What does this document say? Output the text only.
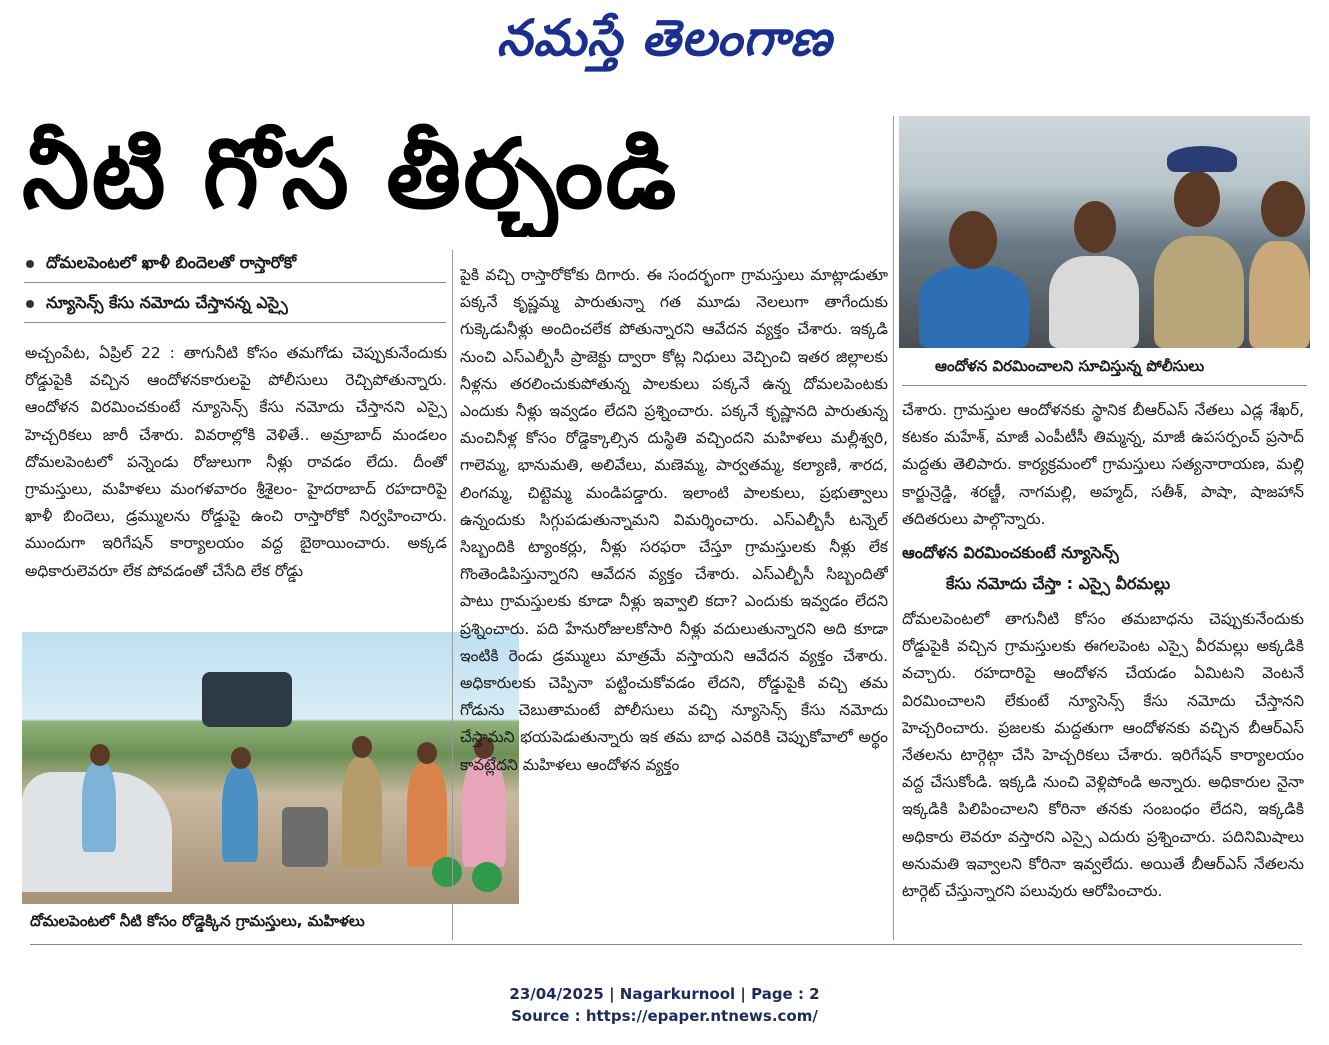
నమస్తే తెలంగాణ
నీటి గోస తీర్చండి
దోమలపెంటలో ఖాళీ బిందెలతో రాస్తారోకో
న్యూసెన్స్ కేసు నమోదు చేస్తానన్న ఎస్సై
అచ్చంపేట, ఏప్రిల్ 22 : తాగునీటి కోసం తమగోడు చెప్పుకునేందుకు రోడ్డుపైకి వచ్చిన ఆందోళనకారులపై పోలీసులు రెచ్చిపోతున్నారు. ఆందోళన విరమించకుంటే న్యూసెన్స్ కేసు నమోదు చేస్తానని ఎస్సై హెచ్చరికలు జారీ చేశారు. వివరాల్లోకి వెళితే.. అమ్రాబాద్ మండలం దోమలపెంటలో పన్నెండు రోజులుగా నీళ్లు రావడం లేదు. దీంతో గ్రామస్తులు, మహిళలు మంగళవారం శ్రీశైలం- హైదరాబాద్ రహదారిపై ఖాళీ బిందెలు, డ్రమ్ములను రోడ్డుపై ఉంచి రాస్తారోకో నిర్వహించారు. ముందుగా ఇరిగేషన్ కార్యాలయం వద్ద బైఠాయించారు. అక్కడ అధికారులెవరూ లేక పోవడంతో చేసేది లేక రోడ్డు
దోమలపెంటలో నీటి కోసం రోడ్డెక్కిన గ్రామస్తులు, మహిళలు
పైకి వచ్చి రాస్తారోకోకు దిగారు. ఈ సందర్భంగా గ్రామస్తులు మాట్లాడుతూ పక్కనే కృష్ణమ్మ పారుతున్నా గత మూడు నెలలుగా తాగేందుకు గుక్కెడునీళ్లు అందించలేక పోతున్నారని ఆవేదన వ్యక్తం చేశారు. ఇక్కడి నుంచి ఎస్ఎల్బీసీ ప్రాజెక్టు ద్వారా కోట్ల నిధులు వెచ్చించి ఇతర జిల్లాలకు నీళ్లను తరలించుకుపోతున్న పాలకులు పక్కనే ఉన్న దోమలపెంటకు ఎందుకు నీళ్లు ఇవ్వడం లేదని ప్రశ్నించారు. పక్కనే కృష్ణానది పారుతున్న మంచినీళ్ల కోసం రోడ్డెక్కాల్సిన దుస్థితి వచ్చిందని మహిళలు మల్లీశ్వరి, గాలెమ్మ, భానుమతి, అలివేలు, మణెమ్మ, పార్వతమ్మ, కల్యాణి, శారద, లింగమ్మ, చిట్టెమ్మ మండిపడ్డారు. ఇలాంటి పాలకులు, ప్రభుత్వాలు ఉన్నందుకు సిగ్గుపడుతున్నామని విమర్శించారు. ఎస్ఎల్బీసీ టన్నెల్ సిబ్బందికి ట్యాంకర్లు, నీళ్లు సరఫరా చేస్తూ గ్రామస్తులకు నీళ్లు లేక గొంతెండిపిస్తున్నారని ఆవేదన వ్యక్తం చేశారు. ఎస్ఎల్బీసీ సిబ్బందితో పాటు గ్రామస్తులకు కూడా నీళ్లు ఇవ్వాలి కదా? ఎందుకు ఇవ్వడం లేదని ప్రశ్నించారు. పది హేనురోజులకోసారి నీళ్లు వదులుతున్నారని అది కూడా ఇంటికి రెండు డ్రమ్ములు మాత్రమే వస్తాయని ఆవేదన వ్యక్తం చేశారు. అధికారులకు చెప్పినా పట్టించుకోవడం లేదని, రోడ్డుపైకి వచ్చి తమ గోడును చెబుతామంటే పోలీసులు వచ్చి న్యూసెన్స్ కేసు నమోదు చేస్తామని భయపెడుతున్నారు ఇక తమ బాధ ఎవరికి చెప్పుకోవాలో అర్థం కావట్లేదని మహిళలు ఆందోళన వ్యక్తం
ఆందోళన విరమించాలని సూచిస్తున్న పోలీసులు
చేశారు. గ్రామస్తుల ఆందోళనకు స్థానిక బీఆర్ఎస్ నేతలు ఎడ్ల శేఖర్, కటకం మహేశ్, మాజీ ఎంపీటీసీ తిమ్మన్న, మాజీ ఉపసర్పంచ్ ప్రసాద్ మద్దతు తెలిపారు. కార్యక్రమంలో గ్రామస్తులు సత్యనారాయణ, మల్లి కార్జున్రెడ్డి, శరణ్జీ, నాగమల్లి, అహ్మద్, సతీశ్, పాషా, షాజహాన్ తదితరులు పాల్గొన్నారు.
ఆందోళన విరమించకుంటే న్యూసెన్స్
కేసు నమోదు చేస్తా : ఎస్సై వీరమల్లు
దోమలపెంటలో తాగునీటి కోసం తమబాధను చెప్పుకునేందుకు రోడ్డుపైకి వచ్చిన గ్రామస్తులకు ఈగలపెంట ఎస్సై వీరమల్లు అక్కడికి వచ్చారు. రహదారిపై ఆందోళన చేయడం ఏమిటని వెంటనే విరమించాలని లేకుంటే న్యూసెన్స్ కేసు నమోదు చేస్తానని హెచ్చరించారు. ప్రజలకు మద్దతుగా ఆందోళనకు వచ్చిన బీఆర్ఎస్ నేతలను టార్గెట్గా చేసి హెచ్చరికలు చేశారు. ఇరిగేషన్ కార్యాలయం వద్ద చేసుకోండి. ఇక్కడి నుంచి వెళ్లిపోండి అన్నారు. అధికారుల నైనా ఇక్కడికి పిలిపించాలని కోరినా తనకు సంబంధం లేదని, ఇక్కడికి అధికారు లెవరూ వస్తారని ఎస్సై ఎదురు ప్రశ్నించారు. పదినిమిషాలు అనుమతి ఇవ్వాలని కోరినా ఇవ్వలేదు. అయితే బీఆర్ఎస్ నేతలను టార్గెట్ చేస్తున్నారని పలువురు ఆరోపించారు.
23/04/2025 | Nagarkurnool | Page : 2
Source : https://epaper.ntnews.com/
